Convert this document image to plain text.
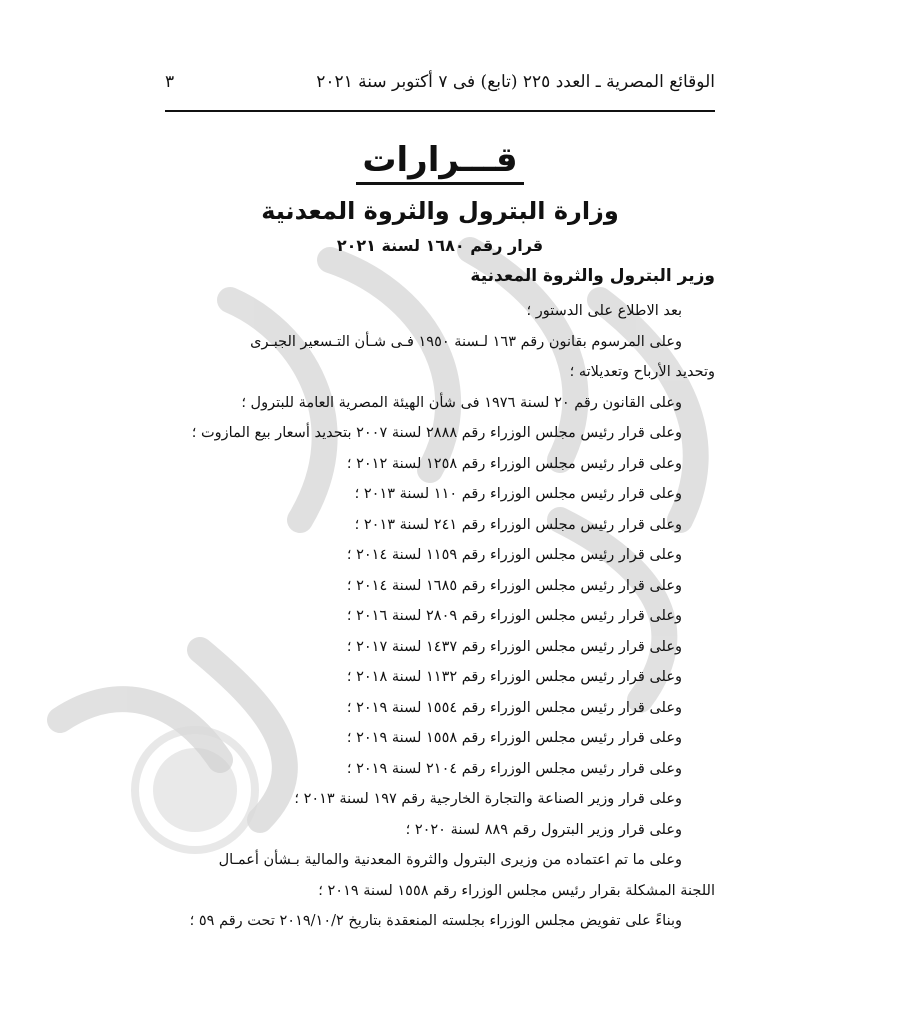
الوقائع المصرية ـ العدد ٢٢٥ (تابع) فى ٧ أكتوبر سنة ٢٠٢١
٣
قـــرارات
وزارة البترول والثروة المعدنية
قرار رقم ١٦٨٠ لسنة ٢٠٢١
وزير البترول والثروة المعدنية
بعد الاطلاع على الدستور ؛
وعلى المرسوم بقانون رقم ١٦٣ لـسنة ١٩٥٠ فـى شـأن التـسعير الجبـرى
وتحديد الأرباح وتعديلاته ؛
وعلى القانون رقم ٢٠ لسنة ١٩٧٦ فى شأن الهيئة المصرية العامة للبترول ؛
وعلى قرار رئيس مجلس الوزراء رقم ٢٨٨٨ لسنة ٢٠٠٧ بتحديد أسعار بيع المازوت ؛
وعلى قرار رئيس مجلس الوزراء رقم ١٢٥٨ لسنة ٢٠١٢ ؛
وعلى قرار رئيس مجلس الوزراء رقم ١١٠ لسنة ٢٠١٣ ؛
وعلى قرار رئيس مجلس الوزراء رقم ٢٤١ لسنة ٢٠١٣ ؛
وعلى قرار رئيس مجلس الوزراء رقم ١١٥٩ لسنة ٢٠١٤ ؛
وعلى قرار رئيس مجلس الوزراء رقم ١٦٨٥ لسنة ٢٠١٤ ؛
وعلى قرار رئيس مجلس الوزراء رقم ٢٨٠٩ لسنة ٢٠١٦ ؛
وعلى قرار رئيس مجلس الوزراء رقم ١٤٣٧ لسنة ٢٠١٧ ؛
وعلى قرار رئيس مجلس الوزراء رقم ١١٣٢ لسنة ٢٠١٨ ؛
وعلى قرار رئيس مجلس الوزراء رقم ١٥٥٤ لسنة ٢٠١٩ ؛
وعلى قرار رئيس مجلس الوزراء رقم ١٥٥٨ لسنة ٢٠١٩ ؛
وعلى قرار رئيس مجلس الوزراء رقم ٢١٠٤ لسنة ٢٠١٩ ؛
وعلى قرار وزير الصناعة والتجارة الخارجية رقم ١٩٧ لسنة ٢٠١٣ ؛
وعلى قرار وزير البترول رقم ٨٨٩ لسنة ٢٠٢٠ ؛
وعلى ما تم اعتماده من وزيرى البترول والثروة المعدنية والمالية بـشأن أعمـال
اللجنة المشكلة بقرار رئيس مجلس الوزراء رقم ١٥٥٨ لسنة ٢٠١٩ ؛
وبناءً على تفويض مجلس الوزراء بجلسته المنعقدة بتاريخ ٢٠١٩/١٠/٢ تحت رقم ٥٩ ؛
